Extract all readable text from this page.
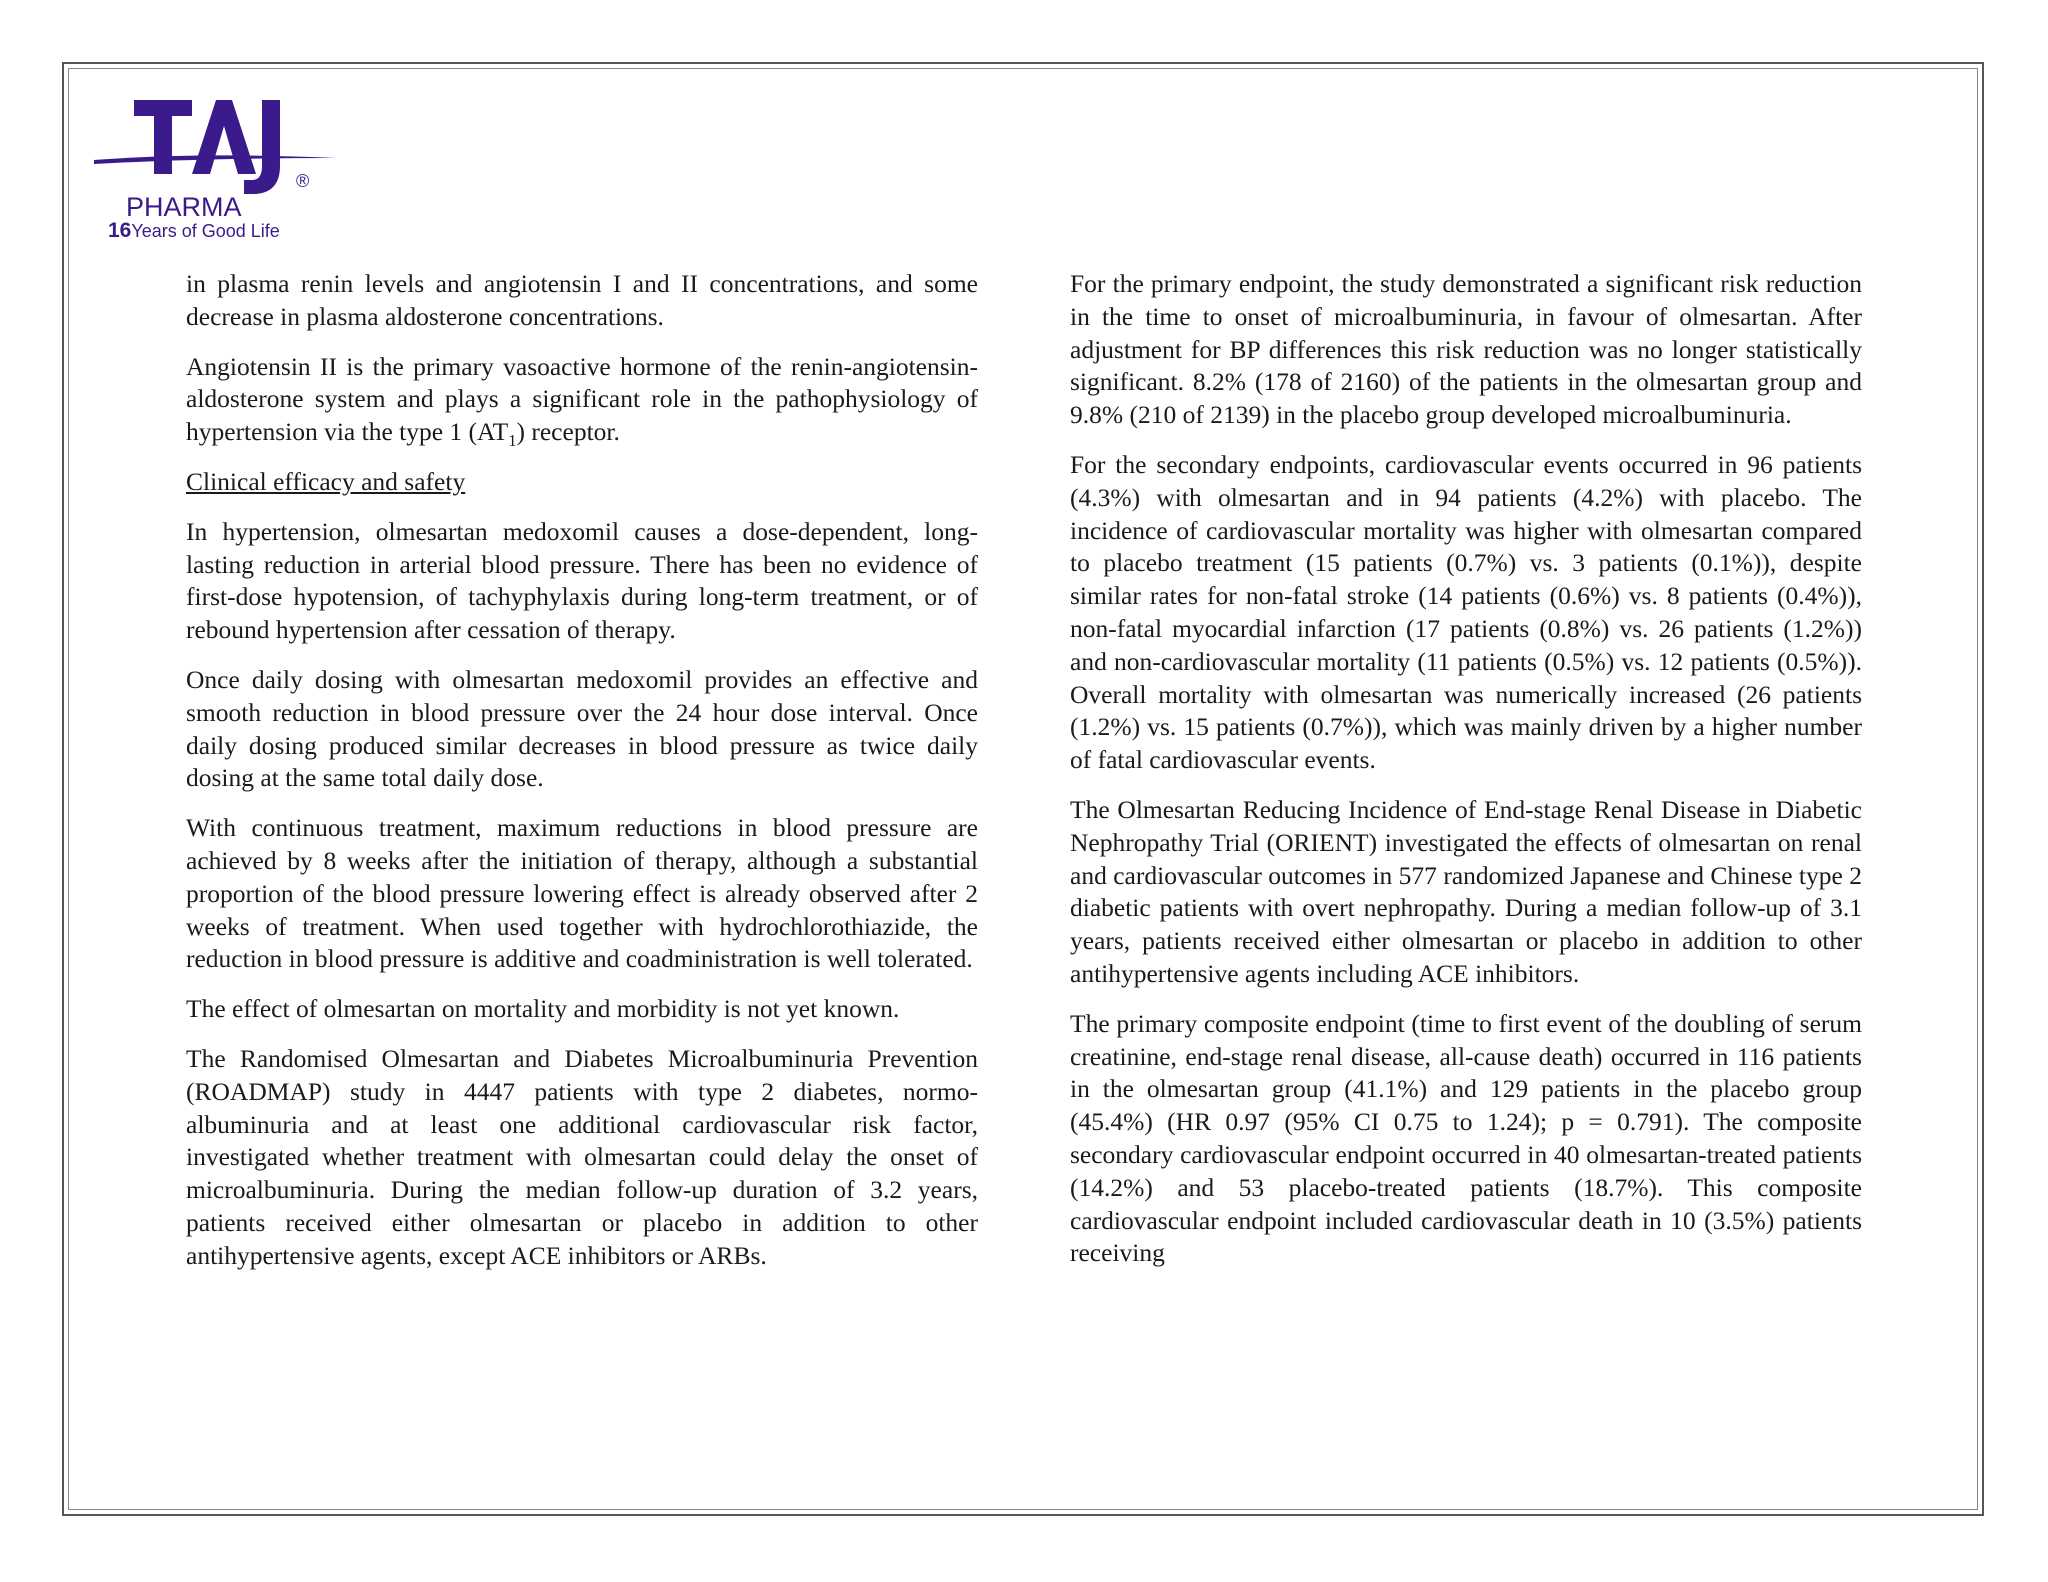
®
PHARMA
16Years of Good Life

in plasma renin levels and angiotensin I and II concentrations, and some decrease in plasma aldosterone concentrations.

Angiotensin II is the primary vasoactive hormone of the renin-angiotensin-aldosterone system and plays a significant role in the pathophysiology of hypertension via the type 1 $(AT_1)$ receptor.

Clinical efficacy and safety

In hypertension, olmesartan medoxomil causes a dose-dependent, long-lasting reduction in arterial blood pressure. There has been no evidence of first-dose hypotension, of tachyphylaxis during long-term treatment, or of rebound hypertension after cessation of therapy.

Once daily dosing with olmesartan medoxomil provides an effective and smooth reduction in blood pressure over the 24 hour dose interval. Once daily dosing produced similar decreases in blood pressure as twice daily dosing at the same total daily dose.

With continuous treatment, maximum reductions in blood pressure are achieved by 8 weeks after the initiation of therapy, although a substantial proportion of the blood pressure lowering effect is already observed after 2 weeks of treatment. When used together with hydrochlorothiazide, the reduction in blood pressure is additive and coadministration is well tolerated.

The effect of olmesartan on mortality and morbidity is not yet known.

The Randomised Olmesartan and Diabetes Microalbuminuria Prevention (ROADMAP) study in 4447 patients with type 2 diabetes, normo-albuminuria and at least one additional cardiovascular risk factor, investigated whether treatment with olmesartan could delay the onset of microalbuminuria. During the median follow-up duration of 3.2 years, patients received either olmesartan or placebo in addition to other antihypertensive agents, except ACE inhibitors or ARBs.

For the primary endpoint, the study demonstrated a significant risk reduction in the time to onset of microalbuminuria, in favour of olmesartan. After adjustment for BP differences this risk reduction was no longer statistically significant. 8.2% (178 of 2160) of the patients in the olmesartan group and 9.8% (210 of 2139) in the placebo group developed microalbuminuria.

For the secondary endpoints, cardiovascular events occurred in 96 patients (4.3%) with olmesartan and in 94 patients (4.2%) with placebo. The incidence of cardiovascular mortality was higher with olmesartan compared to placebo treatment (15 patients (0.7%) vs. 3 patients (0.1%)), despite similar rates for non-fatal stroke (14 patients (0.6%) vs. 8 patients (0.4%)), non-fatal myocardial infarction (17 patients (0.8%) vs. 26 patients (1.2%)) and non-cardiovascular mortality (11 patients (0.5%) vs. 12 patients (0.5%)). Overall mortality with olmesartan was numerically increased (26 patients (1.2%) vs. 15 patients (0.7%)), which was mainly driven by a higher number of fatal cardiovascular events.

The Olmesartan Reducing Incidence of End-stage Renal Disease in Diabetic Nephropathy Trial (ORIENT) investigated the effects of olmesartan on renal and cardiovascular outcomes in 577 randomized Japanese and Chinese type 2 diabetic patients with overt nephropathy. During a median follow-up of 3.1 years, patients received either olmesartan or placebo in addition to other antihypertensive agents including ACE inhibitors.

The primary composite endpoint (time to first event of the doubling of serum creatinine, end-stage renal disease, all-cause death) occurred in 116 patients in the olmesartan group (41.1%) and 129 patients in the placebo group (45.4%) (HR 0.97 (95% CI 0.75 to 1.24); p = 0.791). The composite secondary cardiovascular endpoint occurred in 40 olmesartan-treated patients (14.2%) and 53 placebo-treated patients (18.7%). This composite cardiovascular endpoint included cardiovascular death in 10 (3.5%) patients receiving
